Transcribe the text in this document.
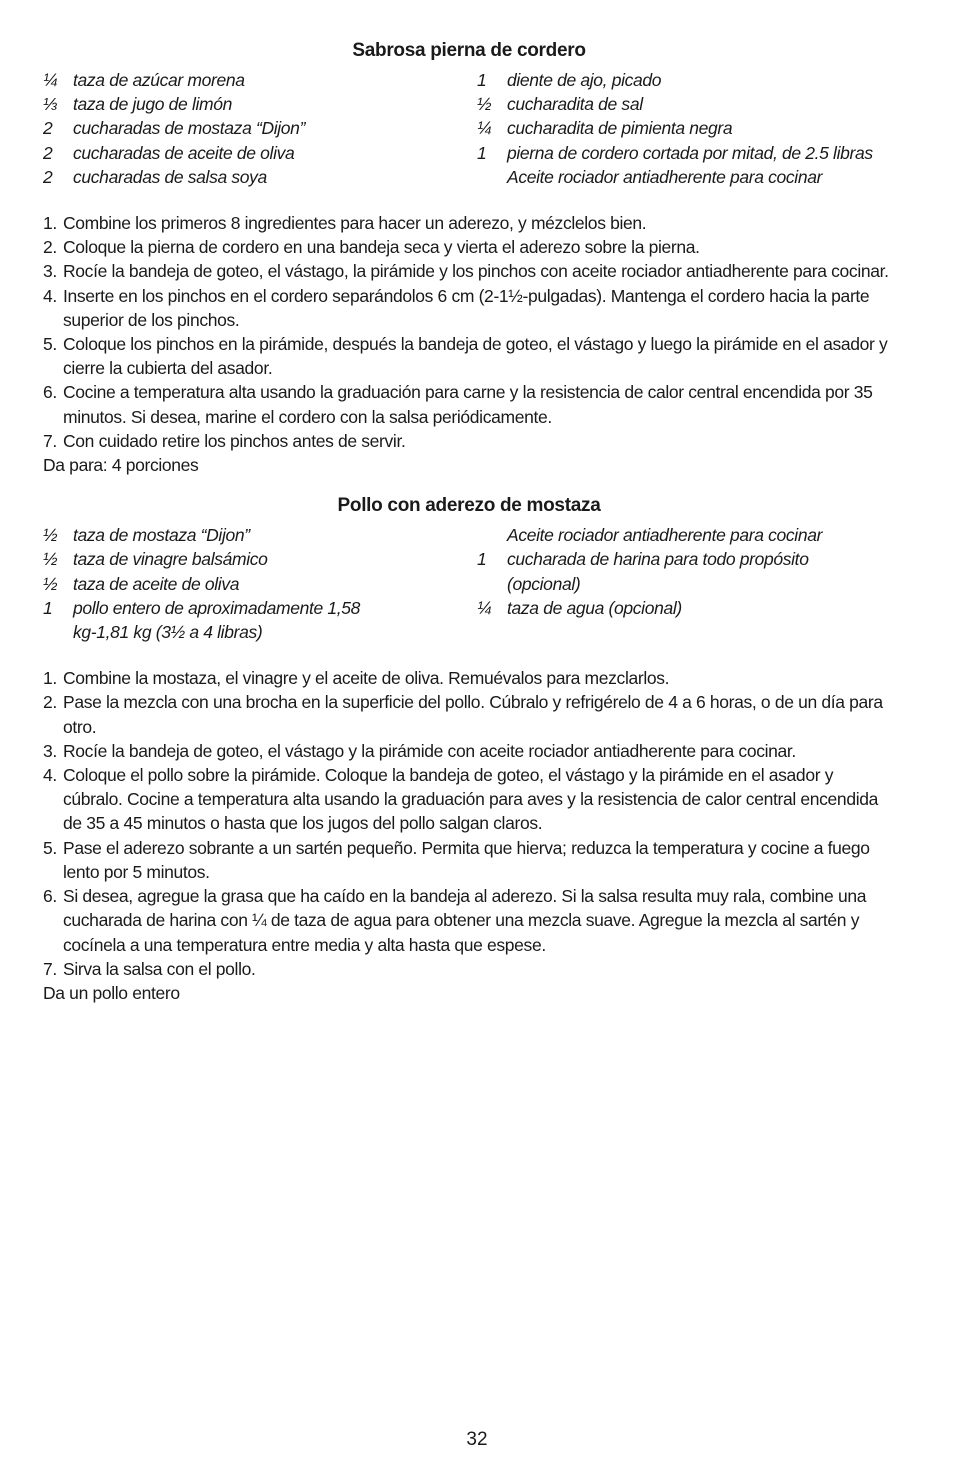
Sabrosa pierna de cordero
¼ taza de azúcar morena
⅓ taza de jugo de limón
2	cucharadas de mostaza “Dijon”
2	cucharadas de aceite de oliva
2	cucharadas de salsa soya
1	diente de ajo, picado
½ cucharadita de sal
¼ cucharadita de pimienta negra
1	pierna de cordero cortada por mitad, de 2.5 libras
Aceite rociador antiadherente para cocinar
1. Combine los primeros 8 ingredientes para hacer un aderezo, y mézclelos bien.
2. Coloque la pierna de cordero en una bandeja seca y vierta el aderezo sobre la pierna.
3. Rocíe la bandeja de goteo, el vástago, la pirámide y los pinchos con aceite rociador antiadherente para cocinar.
4. Inserte en los pinchos en el cordero separándolos 6 cm (2-1½-pulgadas). Mantenga el cordero hacia la parte superior de los pinchos.
5. Coloque los pinchos en la pirámide, después la bandeja de goteo, el vástago y luego la pirámide en el asador y cierre la cubierta del asador.
6. Cocine a temperatura alta usando la graduación para carne y la resistencia de calor central encendida por 35 minutos. Si desea, marine el cordero con la salsa periódicamente.
7. Con cuidado retire los pinchos antes de servir.

Da para: 4 porciones

Pollo con aderezo de mostaza
½ taza de mostaza “Dijon”
½ taza de vinagre balsámico
½ taza de aceite de oliva
1	pollo entero de aproximadamente 1,58 kg-1,81 kg (3½ a 4 libras)
Aceite rociador antiadherente para cocinar
1	cucharada de harina para todo propósito (opcional)
¼ taza de agua (opcional)
1. Combine la mostaza, el vinagre y el aceite de oliva. Remuévalos para mezclarlos.
2. Pase la mezcla con una brocha en la superficie del pollo. Cúbralo y refrigérelo de 4 a 6 horas, o de un día para otro.
3. Rocíe la bandeja de goteo, el vástago y la pirámide con aceite rociador antiadherente para cocinar.
4. Coloque el pollo sobre la pirámide. Coloque la bandeja de goteo, el vástago y la pirámide en el asador y cúbralo. Cocine a temperatura alta usando la graduación para aves y la resistencia de calor central encendida de 35 a 45 minutos o hasta que los jugos del pollo salgan claros.
5. Pase el aderezo sobrante a un sartén pequeño. Permita que hierva; reduzca la temperatura y cocine a fuego lento por 5 minutos.
6. Si desea, agregue la grasa que ha caído en la bandeja al aderezo. Si la salsa resulta muy rala, combine una cucharada de harina con ¼ de taza de agua para obtener una mezcla suave. Agregue la mezcla al sartén y cocínela a una temperatura entre media y alta hasta que espese.
7. Sirva la salsa con el pollo.

Da un pollo entero

32
